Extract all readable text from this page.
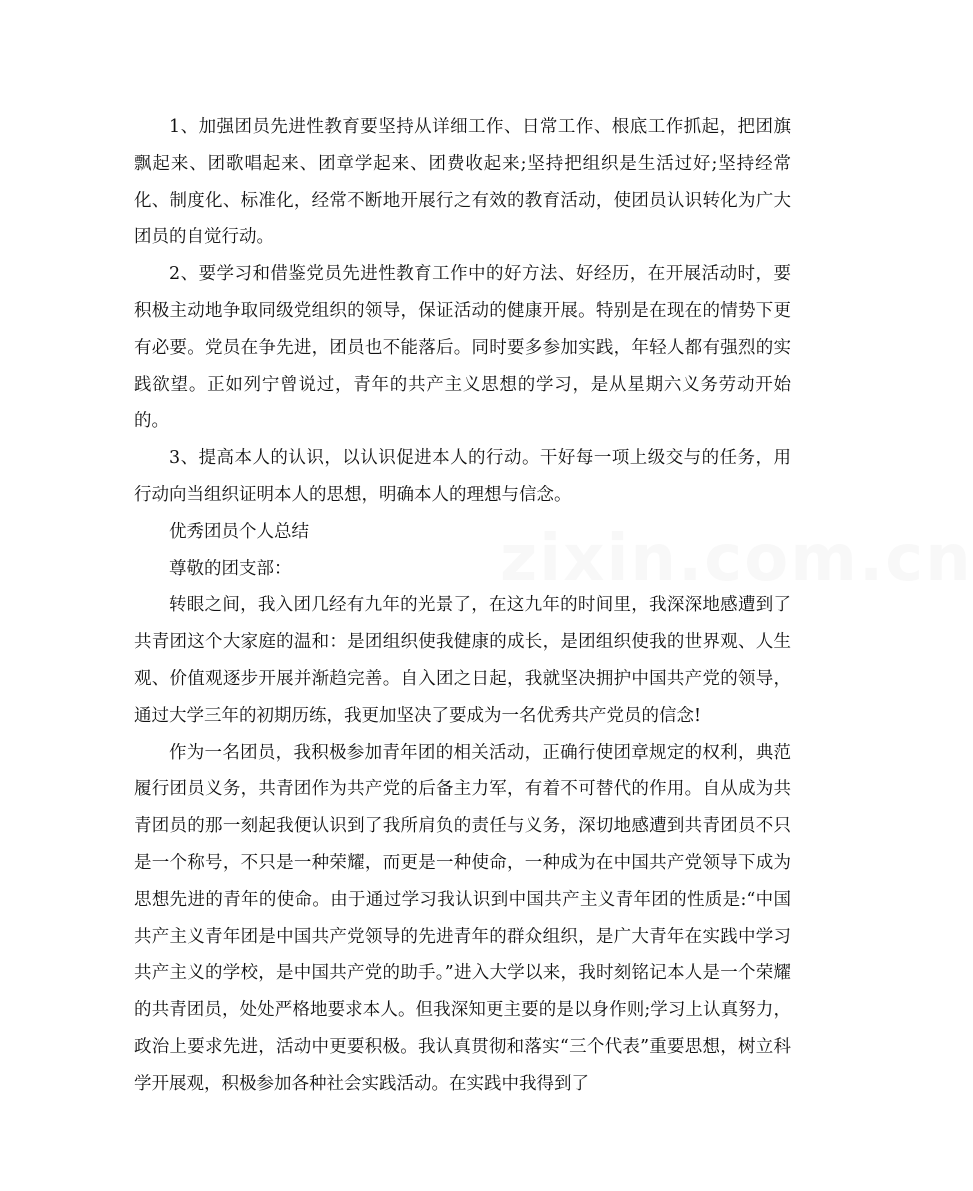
1、加强团员先进性教育要坚持从详细工作、日常工作、根底工作抓起，把团旗飘起来、团歌唱起来、团章学起来、团费收起来;坚持把组织是生活过好;坚持经常化、制度化、标准化，经常不断地开展行之有效的教育活动，使团员认识转化为广大团员的自觉行动。

2、要学习和借鉴党员先进性教育工作中的好方法、好经历，在开展活动时，要积极主动地争取同级党组织的领导，保证活动的健康开展。特别是在现在的情势下更有必要。党员在争先进，团员也不能落后。同时要多参加实践，年轻人都有强烈的实践欲望。正如列宁曾说过，青年的共产主义思想的学习，是从星期六义务劳动开始的。

3、提高本人的认识，以认识促进本人的行动。干好每一项上级交与的任务，用行动向当组织证明本人的思想，明确本人的理想与信念。

优秀团员个人总结

尊敬的团支部：

转眼之间，我入团几经有九年的光景了，在这九年的时间里，我深深地感遭到了共青团这个大家庭的温和：是团组织使我健康的成长，是团组织使我的世界观、人生观、价值观逐步开展并渐趋完善。自入团之日起，我就坚决拥护中国共产党的领导，通过大学三年的初期历练，我更加坚决了要成为一名优秀共产党员的信念!

作为一名团员，我积极参加青年团的相关活动，正确行使团章规定的权利，典范履行团员义务，共青团作为共产党的后备主力军，有着不可替代的作用。自从成为共青团员的那一刻起我便认识到了我所肩负的责任与义务，深切地感遭到共青团员不只是一个称号，不只是一种荣耀，而更是一种使命，一种成为在中国共产党领导下成为思想先进的青年的使命。由于通过学习我认识到中国共产主义青年团的性质是:“中国共产主义青年团是中国共产党领导的先进青年的群众组织，是广大青年在实践中学习共产主义的学校，是中国共产党的助手。”进入大学以来，我时刻铭记本人是一个荣耀的共青团员，处处严格地要求本人。但我深知更主要的是以身作则;学习上认真努力，政治上要求先进，活动中更要积极。我认真贯彻和落实“三个代表”重要思想，树立科学开展观，积极参加各种社会实践活动。在实践中我得到了

zixin.com.cn
